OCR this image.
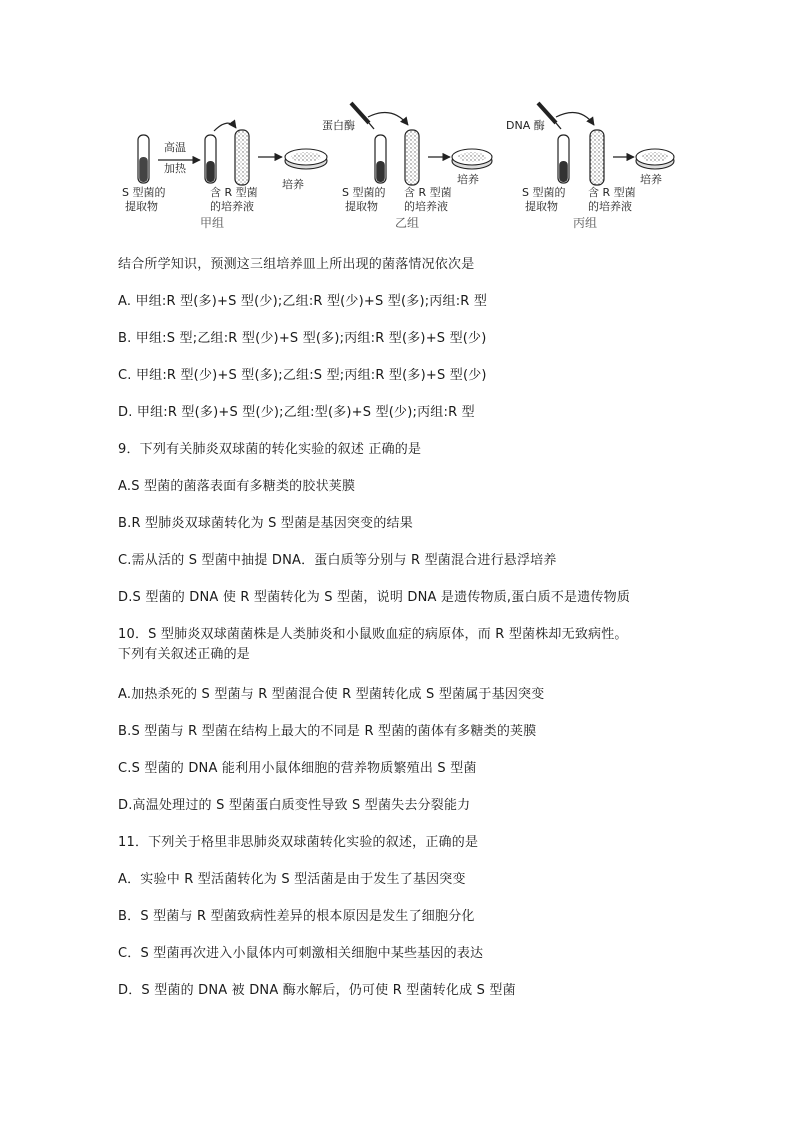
高温
加热
S 型菌的
提取物
含 R 型菌
的培养液
培养
甲组
蛋白酶
培养
S 型菌的
提取物
含 R 型菌
的培养液
乙组
DNA 酶
培养
S 型菌的
提取物
含 R 型菌
的培养液
丙组
结合所学知识，预测这三组培养皿上所出现的菌落情况依次是
A. 甲组:R 型(多)+S 型(少);乙组:R 型(少)+S 型(多);丙组:R 型
B. 甲组:S 型;乙组:R 型(少)+S 型(多);丙组:R 型(多)+S 型(少)
C. 甲组:R 型(少)+S 型(多);乙组:S 型;丙组:R 型(多)+S 型(少)
D. 甲组:R 型(多)+S 型(少);乙组:型(多)+S 型(少);丙组:R 型
9．下列有关肺炎双球菌的转化实验的叙述 正确的是
A.S 型菌的菌落表面有多糖类的胶状荚膜
B.R 型肺炎双球菌转化为 S 型菌是基因突变的结果
C.需从活的 S 型菌中抽提 DNA．蛋白质等分别与 R 型菌混合进行悬浮培养
D.S 型菌的 DNA 使 R 型菌转化为 S 型菌，说明 DNA 是遗传物质,蛋白质不是遗传物质
10．S 型肺炎双球菌菌株是人类肺炎和小鼠败血症的病原体，而 R 型菌株却无致病性。
下列有关叙述正确的是
A.加热杀死的 S 型菌与 R 型菌混合使 R 型菌转化成 S 型菌属于基因突变
B.S 型菌与 R 型菌在结构上最大的不同是 R 型菌的菌体有多糖类的荚膜
C.S 型菌的 DNA 能利用小鼠体细胞的营养物质繁殖出 S 型菌
D.高温处理过的 S 型菌蛋白质变性导致 S 型菌失去分裂能力
11．下列关于格里非思肺炎双球菌转化实验的叙述，正确的是
A．实验中 R 型活菌转化为 S 型活菌是由于发生了基因突变
B．S 型菌与 R 型菌致病性差异的根本原因是发生了细胞分化
C．S 型菌再次进入小鼠体内可刺激相关细胞中某些基因的表达
D．S 型菌的 DNA 被 DNA 酶水解后，仍可使 R 型菌转化成 S 型菌
